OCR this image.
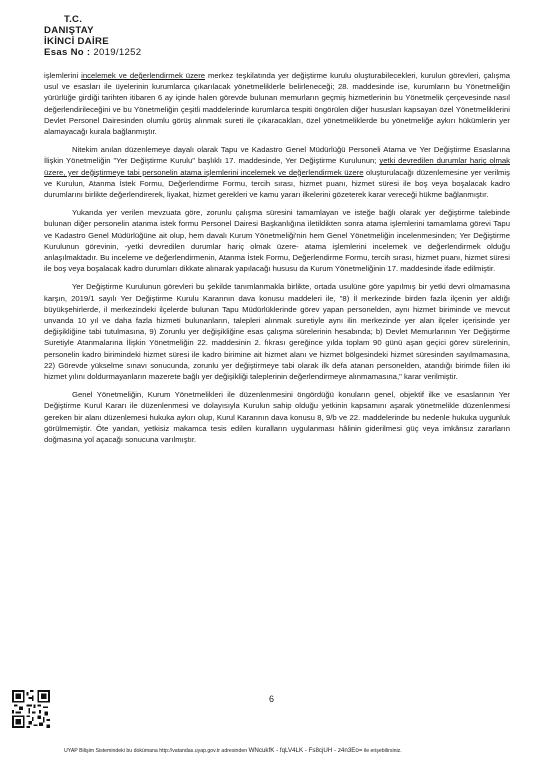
T.C.
DANIŞTAY
İKİNCİ DAİRE
Esas No : 2019/1252

işlemlerini incelemek ve değerlendirmek üzere merkez teşkilatında yer değiştirme kurulu oluşturabilecekleri, kurulun görevleri, çalışma usul ve esasları ile üyelerinin kurumlarca çıkarılacak yönetmeliklerle belirleneceği; 28. maddesinde ise, kurumların bu Yönetmeliğin yürürlüğe girdiği tarihten itibaren 6 ay içinde halen görevde bulunan memurların geçmiş hizmetlerinin bu Yönetmelik çerçevesinde nasıl değerlendirileceğini ve bu Yönetmeliğin çeşitli maddelerinde kurumlarca tespiti öngörülen diğer hususları kapsayan özel Yönetmeliklerini Devlet Personel Dairesinden olumlu görüş alınmak sureti ile çıkaracakları, özel yönetmeliklerde bu yönetmeliğe aykırı hükümlerin yer alamayacağı kurala bağlanmıştır.

Nitekim anılan düzenlemeye dayalı olarak Tapu ve Kadastro Genel Müdürlüğü Personeli Atama ve Yer Değiştirme Esaslarına İlişkin Yönetmeliğin "Yer Değiştirme Kurulu" başlıklı 17. maddesinde, Yer Değiştirme Kurulunun; yetki devredilen durumlar hariç olmak üzere, yer değiştirmeye tabi personelin atama işlemlerini incelemek ve değerlendirmek üzere oluşturulacağı düzenlemesine yer verilmiş ve Kurulun, Atanma İstek Formu, Değerlendirme Formu, tercih sırası, hizmet puanı, hizmet süresi ile boş veya boşalacak kadro durumlarını birlikte değerlendirerek, liyakat, hizmet gerekleri ve kamu yararı ilkelerini gözeterek karar vereceği hükme bağlanmıştır.

Yukarıda yer verilen mevzuata göre, zorunlu çalışma süresini tamamlayan ve isteğe bağlı olarak yer değiştirme talebinde bulunan diğer personelin atanma istek formu Personel Dairesi Başkanlığına iletildikten sonra atama işlemlerini tamamlama görevi Tapu ve Kadastro Genel Müdürlüğüne ait olup, hem davalı Kurum Yönetmeliği'nin hem Genel Yönetmeliğin incelenmesinden; Yer Değiştirme Kurulunun görevinin, -yetki devredilen durumlar hariç olmak üzere- atama işlemlerini incelemek ve değerlendirmek olduğu anlaşılmaktadır. Bu inceleme ve değerlendirmenin, Atanma İstek Formu, Değerlendirme Formu, tercih sırası, hizmet puanı, hizmet süresi ile boş veya boşalacak kadro durumları dikkate alınarak yapılacağı hususu da Kurum Yönetmeliğinin 17. maddesinde ifade edilmiştir.

Yer Değiştirme Kurulunun görevleri bu şekilde tanımlanmakla birlikte, ortada usulüne göre yapılmış bir yetki devri olmamasına karşın, 2019/1 sayılı Yer Değiştirme Kurulu Kararının dava konusu maddeleri ile, "8) İl merkezinde birden fazla ilçenin yer aldığı büyükşehirlerde, il merkezindeki ilçelerde bulunan Tapu Müdürlüklerinde görev yapan personelden, aynı hizmet biriminde ve mevcut unvanda 10 yıl ve daha fazla hizmeti bulunanların, talepleri alınmak suretiyle aynı ilin merkezinde yer alan ilçeler içerisinde yer değişikliğine tabi tutulmasına, 9) Zorunlu yer değişikliğine esas çalışma sürelerinin hesabında; b) Devlet Memurlarının Yer Değiştirme Suretiyle Atanmalarına İlişkin Yönetmeliğin 22. maddesinin 2. fıkrası gereğince yılda toplam 90 günü aşan geçici görev sürelerinin, personelin kadro birimindeki hizmet süresi ile kadro birimine ait hizmet alanı ve hizmet bölgesindeki hizmet süresinden sayılmamasına, 22) Görevde yükselme sınavı sonucunda, zorunlu yer değiştirmeye tabi olarak ilk defa atanan personelden, atandığı birimde fiilen iki hizmet yılını doldurmayanların mazerete bağlı yer değişikliği taleplerinin değerlendirmeye alınmamasına," karar verilmiştir.

Genel Yönetmeliğin, Kurum Yönetmelikleri ile düzenlenmesini öngördüğü konuların genel, objektif ilke ve esaslarının Yer Değiştirme Kurul Kararı ile düzenlenmesi ve dolayısıyla Kurulun sahip olduğu yetkinin kapsamını aşarak yönetmelikle düzenlenmesi gereken bir alanı düzenlemesi hukuka aykırı olup, Kurul Kararının dava konusu 8, 9/b ve 22. maddelerinde bu nedenle hukuka uygunluk görülmemiştir. Öte yandan, yetkisiz makamca tesis edilen kuralların uygulanması hâlinin giderilmesi güç veya imkânsız zararların doğmasına yol açacağı sonucuna varılmıştır.

6
UYAP Bilişim Sistemindeki bu dokümana http://vatandas.uyap.gov.tr adresinden WNcukfK - fqLV4LK - Fs8cjUH - z4n3Eo= ile erişebilirsiniz.
